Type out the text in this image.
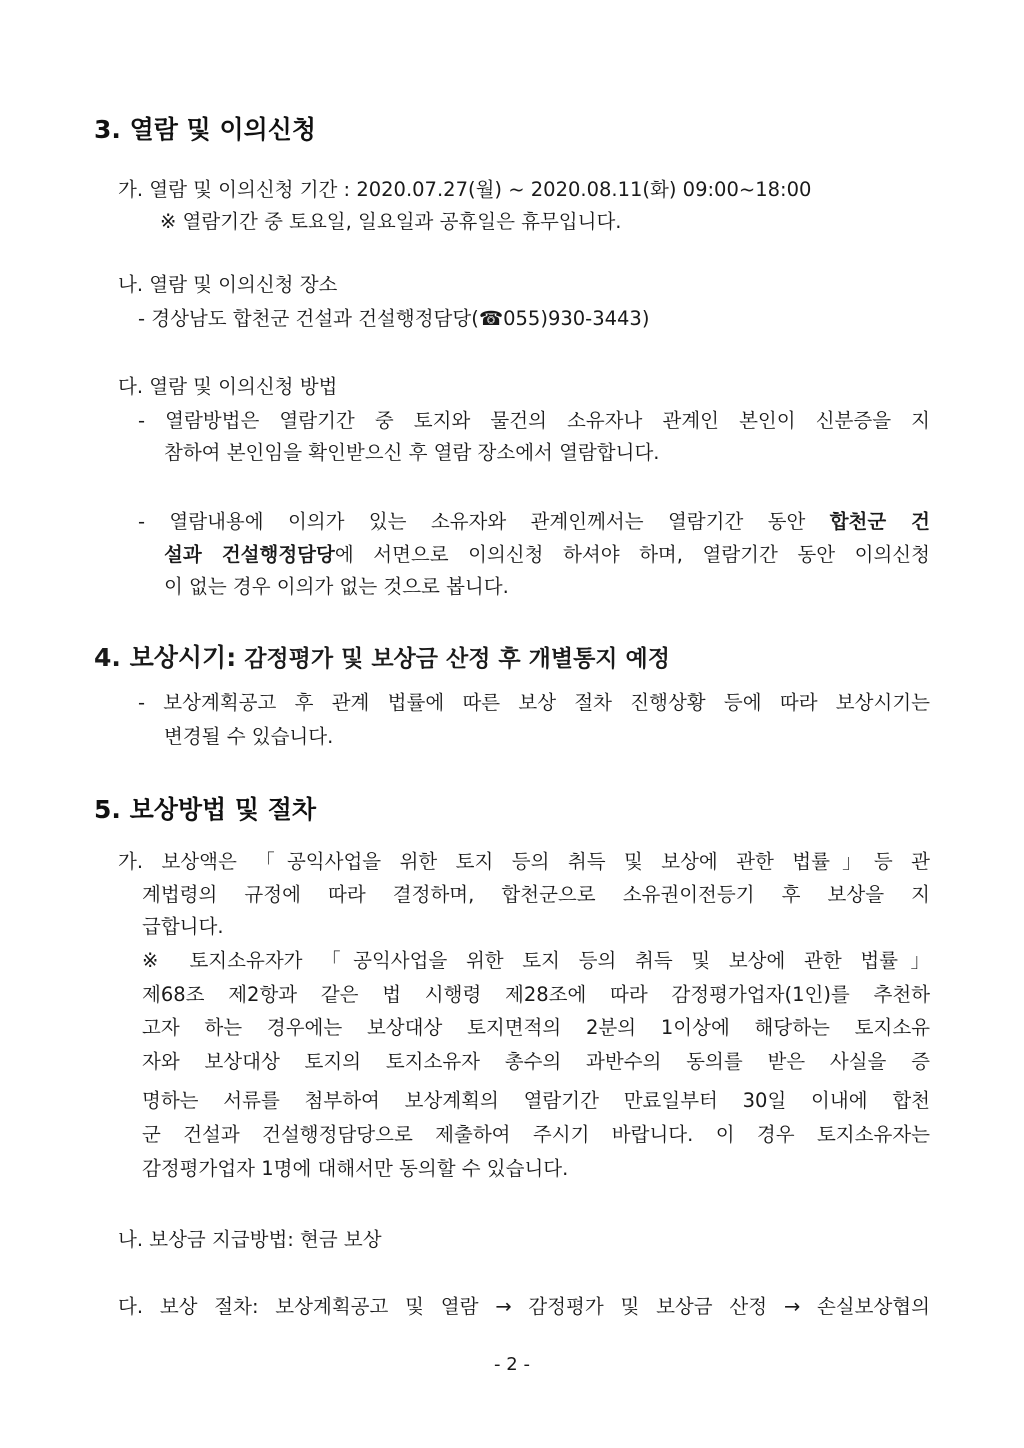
3. 열람 및 이의신청
가. 열람 및 이의신청 기간 : 2020.07.27(월) ~ 2020.08.11(화) 09:00~18:00
※ 열람기간 중 토요일, 일요일과 공휴일은 휴무입니다.
나. 열람 및 이의신청 장소
- 경상남도 합천군 건설과 건설행정담당(☎055)930-3443)
다. 열람 및 이의신청 방법
- 열람방법은 열람기간 중 토지와 물건의 소유자나 관계인 본인이 신분증을 지
참하여 본인임을 확인받으신 후 열람 장소에서 열람합니다.
- 열람내용에 이의가 있는 소유자와 관계인께서는 열람기간 동안 합천군 건
설과 건설행정담당에 서면으로 이의신청 하셔야 하며, 열람기간 동안 이의신청
이 없는 경우 이의가 없는 것으로 봅니다.
4. 보상시기: 감정평가 및 보상금 산정 후 개별통지 예정
- 보상계획공고 후 관계 법률에 따른 보상 절차 진행상황 등에 따라 보상시기는
변경될 수 있습니다.
5. 보상방법 및 절차
가. 보상액은 「공익사업을 위한 토지 등의 취득 및 보상에 관한 법률」등 관
계법령의 규정에 따라 결정하며, 합천군으로 소유권이전등기 후 보상을 지
급합니다.
※ 토지소유자가 「공익사업을 위한 토지 등의 취득 및 보상에 관한 법률」
제68조 제2항과 같은 법 시행령 제28조에 따라 감정평가업자(1인)를 추천하
고자 하는 경우에는 보상대상 토지면적의 2분의 1이상에 해당하는 토지소유
자와 보상대상 토지의 토지소유자 총수의 과반수의 동의를 받은 사실을 증
명하는 서류를 첨부하여 보상계획의 열람기간 만료일부터 30일 이내에 합천
군 건설과 건설행정담당으로 제출하여 주시기 바랍니다. 이 경우 토지소유자는
감정평가업자 1명에 대해서만 동의할 수 있습니다.
나. 보상금 지급방법: 현금 보상
다. 보상 절차: 보상계획공고 및 열람 → 감정평가 및 보상금 산정 → 손실보상협의
- 2 -
